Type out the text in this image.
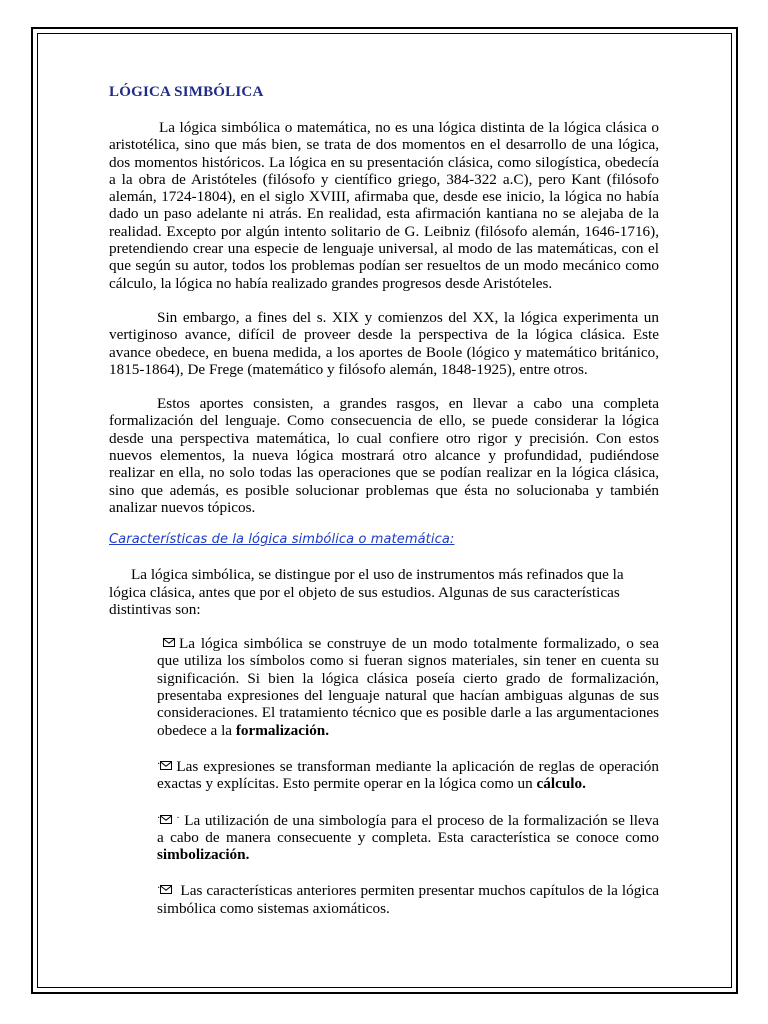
LÓGICA SIMBÓLICA

La lógica simbólica o matemática, no es una lógica distinta de la lógica clásica o aristotélica, sino que más bien, se trata de dos momentos en el desarrollo de una lógica, dos momentos históricos. La lógica en su presentación clásica, como silogística, obedecía a la obra de Aristóteles (filósofo y científico griego, 384-322 a.C), pero Kant (filósofo alemán, 1724-1804), en el siglo XVIII, afirmaba que, desde ese inicio, la lógica no había dado un paso adelante ni atrás. En realidad, esta afirmación kantiana no se alejaba de la realidad. Excepto por algún intento solitario de G. Leibniz (filósofo alemán, 1646-1716), pretendiendo crear una especie de lenguaje universal, al modo de las matemáticas, con el que según su autor, todos los problemas podían ser resueltos de un modo mecánico como cálculo, la lógica no había realizado grandes progresos desde Aristóteles.

Sin embargo, a fines del s. XIX y comienzos del XX, la lógica experimenta un vertiginoso avance, difícil de proveer desde la perspectiva de la lógica clásica. Este avance obedece, en buena medida, a los aportes de Boole (lógico y matemático británico, 1815-1864), De Frege (matemático y filósofo alemán, 1848-1925), entre otros.

Estos aportes consisten, a grandes rasgos, en llevar a cabo una completa formalización del lenguaje. Como consecuencia de ello, se puede considerar la lógica desde una perspectiva matemática, lo cual confiere otro rigor y precisión. Con estos nuevos elementos, la nueva lógica mostrará otro alcance y profundidad, pudiéndose realizar en ella, no solo todas las operaciones que se podían realizar en la lógica clásica, sino que además, es posible solucionar problemas que ésta no solucionaba y también analizar nuevos tópicos.

Características de la lógica simbólica o matemática:

La lógica simbólica, se distingue por el uso de instrumentos más refinados que la lógica clásica, antes que por el objeto de sus estudios. Algunas de sus características distintivas son:

La lógica simbólica se construye de un modo totalmente formalizado, o sea que utiliza los símbolos como si fueran signos materiales, sin tener en cuenta su significación. Si bien la lógica clásica poseía cierto grado de formalización, presentaba expresiones del lenguaje natural que hacían ambiguas algunas de sus consideraciones. El tratamiento técnico que es posible darle a las argumentaciones obedece a la formalización.

· Las expresiones se transforman mediante la aplicación de reglas de operación exactas y explícitas. Esto permite operar en la lógica como un cálculo.

· · La utilización de una simbología para el proceso de la formalización se lleva a cabo de manera consecuente y completa. Esta característica se conoce como simbolización.

· Las características anteriores permiten presentar muchos capítulos de la lógica simbólica como sistemas axiomáticos.
